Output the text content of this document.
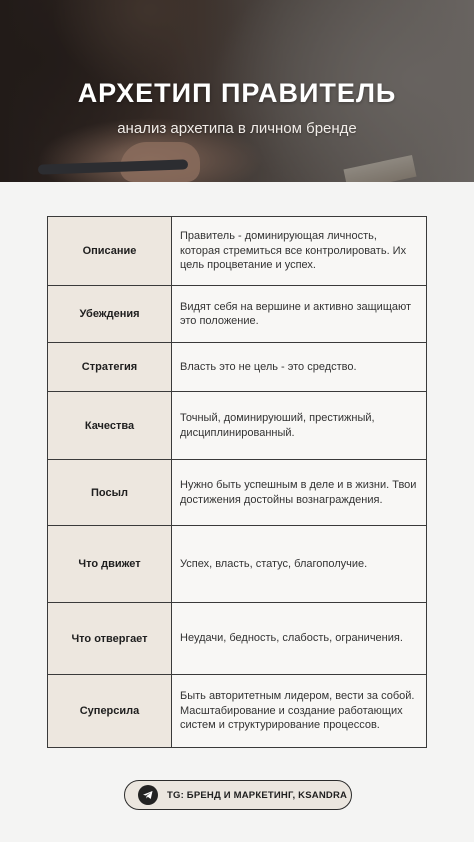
АРХЕТИП ПРАВИТЕЛЬ
анализ архетипа в личном бренде
Описание	Правитель - доминирующая личность, которая стремиться все контролировать. Их цель процветание и успех.
Убеждения	Видят себя на вершине и активно защищают это положение.
Стратегия	Власть это не цель - это средство.
Качества	Точный, доминируюший, престижный, дисциплинированный.
Посыл	Нужно быть успешным в деле и в жизни. Твои достижения достойны вознаграждения.
Что движет	Успех, власть, статус, благополучие.
Что отвергает	Неудачи, бедность, слабость, ограничения.
Суперсила	Быть авторитетным лидером, вести за собой. Масштабирование и создание работающих систем и структурирование процессов.
TG: БРЕНД И МАРКЕТИНГ, KSANDRA
